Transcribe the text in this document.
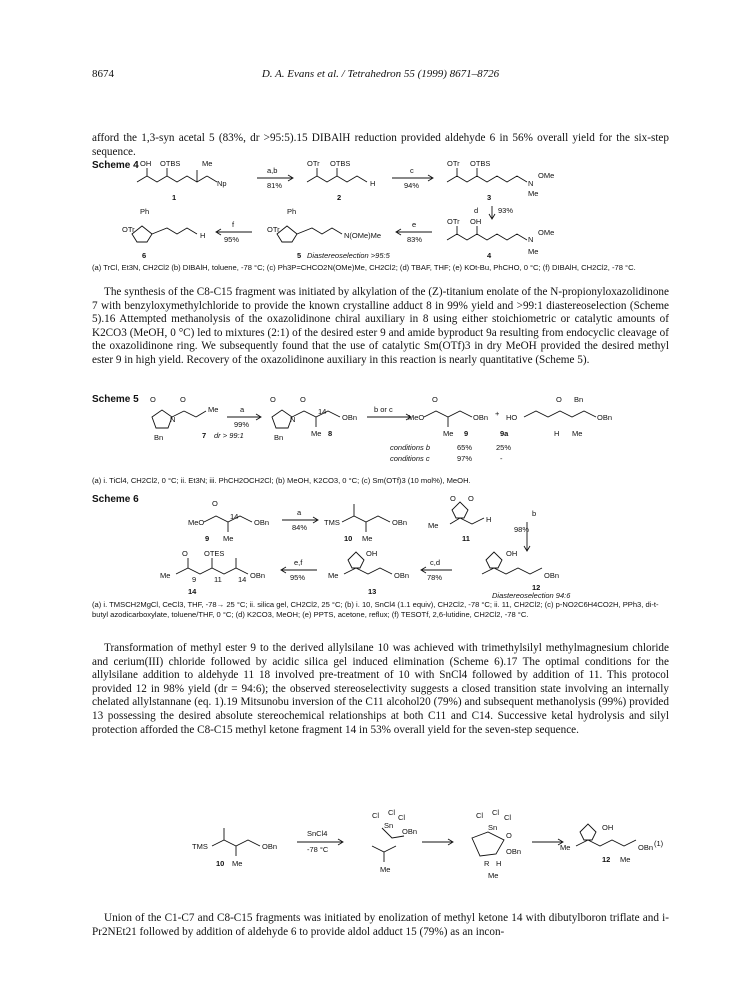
8674	D. A. Evans et al. / Tetrahedron 55 (1999) 8671–8726

afford the 1,3-syn acetal 5 (83%, dr >95:5).15 DIBAlH reduction provided aldehyde 6 in 56% overall yield for the six-step sequence.

Scheme 4 OH OTBS	Me
Np
1
a,b
81%
OTr OTBS
H
2
c
94%
OTr OTBS
N
OMe
Me
3
d	93%
Ph
OTr
H
6
f
95%
Ph
OTr
N(OMe)Me
5 Diastereoselection >95:5
e
83%
OTr OH
N
OMe
Me
4

(a) TrCl, Et3N, CH2Cl2 (b) DIBAlH, toluene, -78 °C; (c) Ph3P=CHCO2N(OMe)Me, CH2Cl2; (d) TBAF, THF; (e) KOt-Bu, PhCHO, 0 °C; (f) DIBAlH, CH2Cl2, -78 °C.

The synthesis of the C8-C15 fragment was initiated by alkylation of the (Z)-titanium enolate of the N-propionyloxazolidinone 7 with benzyloxymethylchloride to provide the known crystalline adduct 8 in 99% yield and >99:1 diastereoselection (Scheme 5).16 Attempted methanolysis of the oxazolidinone chiral auxiliary in 8 using either stoichiometric or catalytic amounts of K2CO3 (MeOH, 0 °C) led to mixtures (2:1) of the desired ester 9 and amide byproduct 9a resulting from endocyclic cleavage of the oxazolidinone ring. We subsequently found that the use of catalytic Sm(OTf)3 in dry MeOH provided the desired methyl ester 9 in high yield. Recovery of the oxazolidinone auxiliary in this reaction is nearly quantitative (Scheme 5).

Scheme 5 O	O
N
Me
Bn	7 dr > 99:1
a
99%
O	O
N
14
OBn
Me
Bn	8
b or c
O
MeO	OBn
Me 9
+ HO
O Bn
OBn
H Me
9a
conditions b	65%	25%
conditions c	97%	-

(a) i. TiCl4, CH2Cl2, 0 °C; ii. Et3N; iii. PhCH2OCH2Cl; (b) MeOH, K2CO3, 0 °C; (c) Sm(OTf)3 (10 mol%), MeOH.

Scheme 6	O
MeO
14
OBn
Me
9
a
84%
TMS	OBn
Me
10
O O
Me
H
11
b
98%
O OTES
Me	OBn
9 11 14
14
e,f
95%
OH
Me	OBn
13
c,d
78%
OH
OBn
12
Diastereoselection 94:6

(a) i. TMSCH2MgCl, CeCl3, THF, -78→ 25 °C; ii. silica gel, CH2Cl2, 25 °C; (b) i. 10, SnCl4 (1.1 equiv), CH2Cl2, -78 °C; ii. 11, CH2Cl2; (c) p-NO2C6H4CO2H, PPh3, di-t-butyl azodicarboxylate, toluene/THF, 0 °C; (d) K2CO3, MeOH; (e) PPTS, acetone, reflux; (f) TESOTf, 2,6-lutidine, CH2Cl2, -78 °C.

Transformation of methyl ester 9 to the derived allylsilane 10 was achieved with trimethylsilyl methylmagnesium chloride and cerium(III) chloride followed by acidic silica gel induced elimination (Scheme 6).17 The optimal conditions for the allylsilane addition to aldehyde 11 18 involved pre-treatment of 10 with SnCl4 followed by addition of 11. This protocol provided 12 in 98% yield (dr = 94:6); the observed stereoselectivity suggests a closed transition state involving an internally chelated allylstannane (eq. 1).19 Mitsunobu inversion of the C11 alcohol20 (79%) and subsequent methanolysis (99%) provided 13 possessing the desired absolute stereochemical relationships at both C11 and C14. Successive ketal hydrolysis and silyl protection afforded the C8-C15 methyl ketone fragment 14 in 53% overall yield for the seven-step sequence.

TMS	OBn
Me
10
SnCl4
-78 °C
Cl Cl
Cl
Sn
OBn
Me
Cl Cl
Cl
Sn
O
OBn
R H
Me
OH
Me	OBn
Me
12
(1)

Union of the C1-C7 and C8-C15 fragments was initiated by enolization of methyl ketone 14 with dibutylboron triflate and i-Pr2NEt21 followed by addition of aldehyde 6 to provide aldol adduct 15 (79%) as an incon-
